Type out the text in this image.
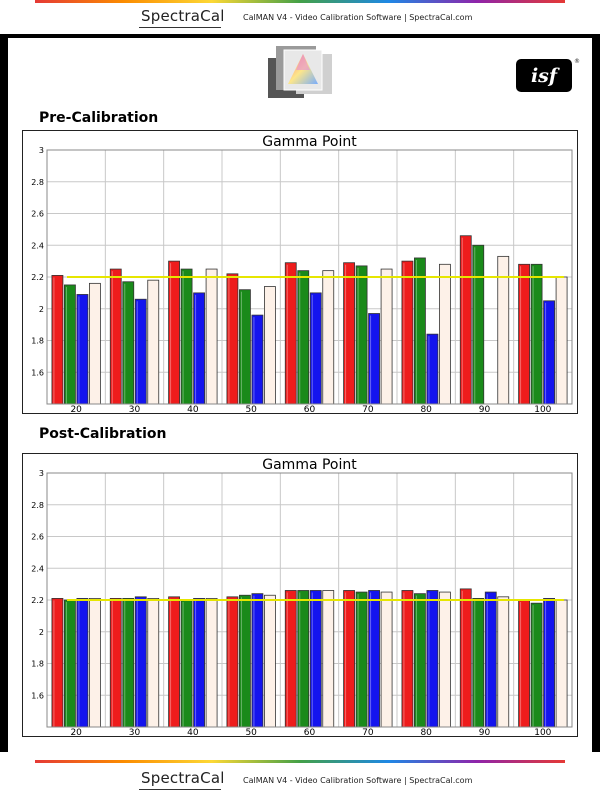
SpectraCal CalMAN V4 - Video Calibration Software | SpectraCal.com
isf
®
Pre-Calibration
Gamma Point
3
2.8
2.6
2.4
2.2
2
1.8
1.6
20	30	40	50	60	70	80	90	100
Post-Calibration
Gamma Point
3
2.8
2.6
2.4
2.2
2
1.8
1.6
20	30	40	50	60	70	80	90	100
SpectraCal CalMAN V4 - Video Calibration Software | SpectraCal.com
